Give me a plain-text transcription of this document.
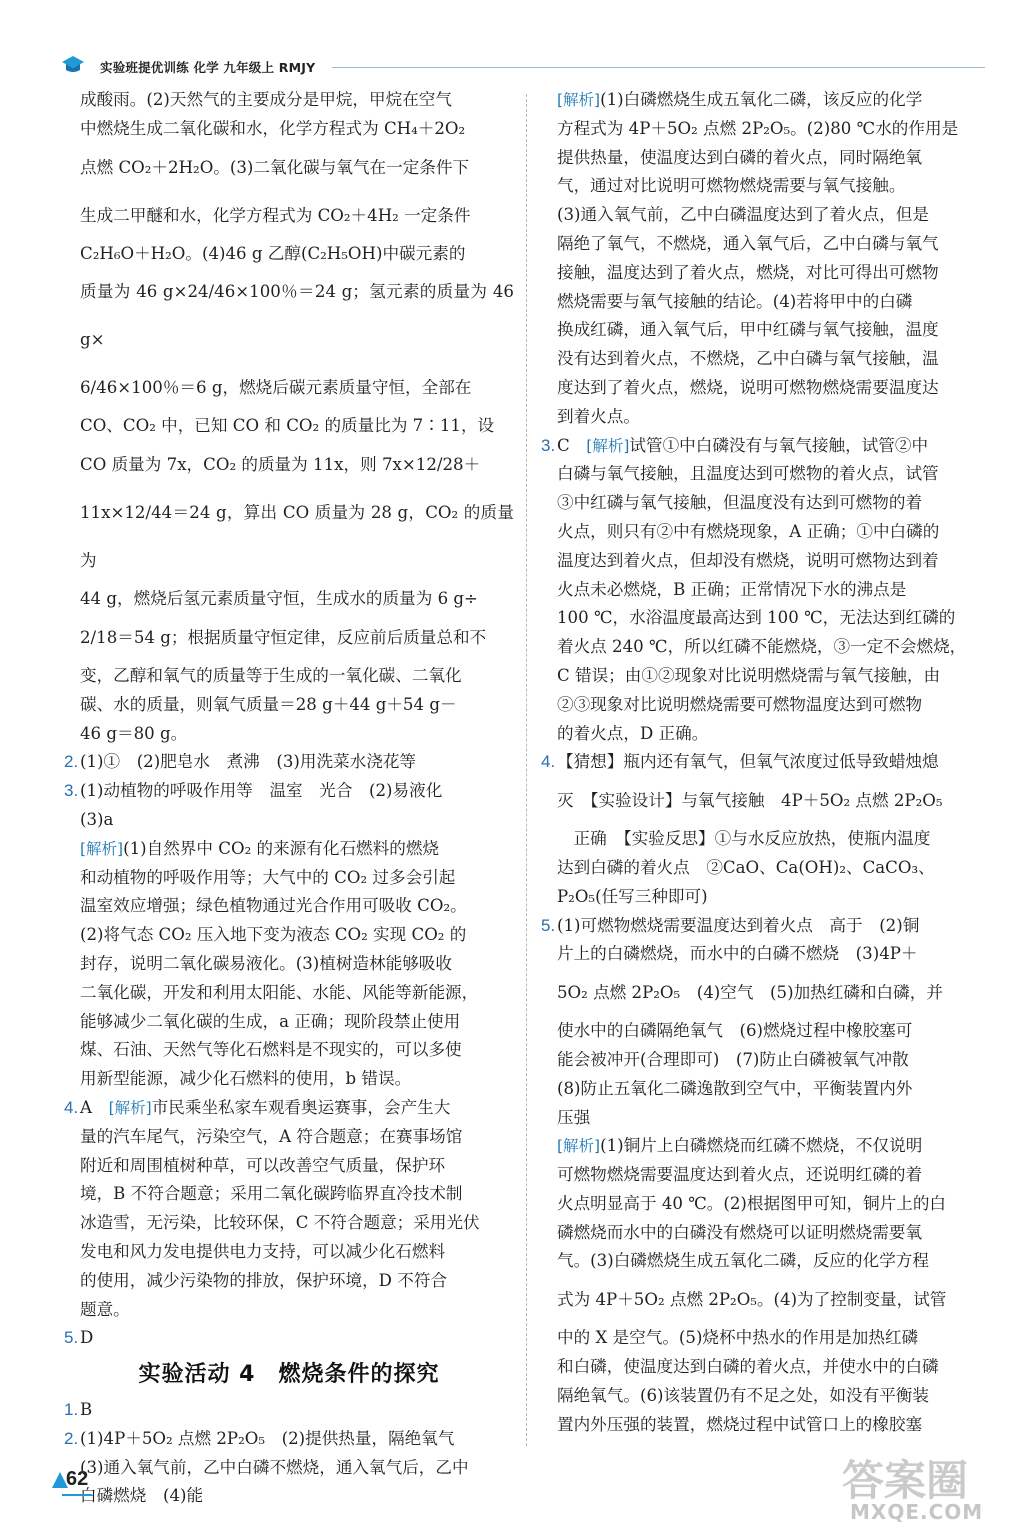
实验班提优训练 化学 九年级上 RMJY
成酸雨。(2)天然气的主要成分是甲烷，甲烷在空气
中燃烧生成二氧化碳和水，化学方程式为 CH₄＋2O₂
点燃 CO₂＋2H₂O。(3)二氧化碳与氧气在一定条件下
生成二甲醚和水，化学方程式为 CO₂＋4H₂ 一定条件
C₂H₆O＋H₂O。(4)46 g 乙醇(C₂H₅OH)中碳元素的
质量为 46 g×24/46×100％＝24 g；氢元素的质量为 46 g×
6/46×100％＝6 g，燃烧后碳元素质量守恒，全部在
CO、CO₂ 中，已知 CO 和 CO₂ 的质量比为 7∶11，设
CO 质量为 7x，CO₂ 的质量为 11x，则 7x×12/28＋
11x×12/44＝24 g，算出 CO 质量为 28 g，CO₂ 的质量为
44 g，燃烧后氢元素质量守恒，生成水的质量为 6 g÷
2/18＝54 g；根据质量守恒定律，反应前后质量总和不
变，乙醇和氧气的质量等于生成的一氧化碳、二氧化
碳、水的质量，则氧气质量＝28 g＋44 g＋54 g－
46 g＝80 g。
2. (1)①　(2)肥皂水　煮沸　(3)用洗菜水浇花等
3. (1)动植物的呼吸作用等　温室　光合　(2)易液化
(3)a
[解析](1)自然界中 CO₂ 的来源有化石燃料的燃烧
和动植物的呼吸作用等；大气中的 CO₂ 过多会引起
温室效应增强；绿色植物通过光合作用可吸收 CO₂。
(2)将气态 CO₂ 压入地下变为液态 CO₂ 实现 CO₂ 的
封存，说明二氧化碳易液化。(3)植树造林能够吸收
二氧化碳，开发和利用太阳能、水能、风能等新能源，
能够减少二氧化碳的生成，a 正确；现阶段禁止使用
煤、石油、天然气等化石燃料是不现实的，可以多使
用新型能源，减少化石燃料的使用，b 错误。
4. A　 [解析]市民乘坐私家车观看奥运赛事，会产生大
量的汽车尾气，污染空气，A 符合题意；在赛事场馆
附近和周围植树种草，可以改善空气质量，保护环
境，B 不符合题意；采用二氧化碳跨临界直冷技术制
冰造雪，无污染，比较环保，C 不符合题意；采用光伏
发电和风力发电提供电力支持，可以减少化石燃料
的使用，减少污染物的排放，保护环境，D 不符合
题意。
5. D
实验活动 4　燃烧条件的探究
1. B
2. (1)4P＋5O₂ 点燃 2P₂O₅　(2)提供热量，隔绝氧气
(3)通入氧气前，乙中白磷不燃烧，通入氧气后，乙中
白磷燃烧　(4)能
[解析](1)白磷燃烧生成五氧化二磷，该反应的化学
方程式为 4P＋5O₂ 点燃 2P₂O₅。(2)80 ℃水的作用是
提供热量，使温度达到白磷的着火点，同时隔绝氧
气，通过对比说明可燃物燃烧需要与氧气接触。
(3)通入氧气前，乙中白磷温度达到了着火点，但是
隔绝了氧气，不燃烧，通入氧气后，乙中白磷与氧气
接触，温度达到了着火点，燃烧，对比可得出可燃物
燃烧需要与氧气接触的结论。(4)若将甲中的白磷
换成红磷，通入氧气后，甲中红磷与氧气接触，温度
没有达到着火点，不燃烧，乙中白磷与氧气接触，温
度达到了着火点，燃烧，说明可燃物燃烧需要温度达
到着火点。
3. C　 [解析]试管①中白磷没有与氧气接触，试管②中
白磷与氧气接触，且温度达到可燃物的着火点，试管
③中红磷与氧气接触，但温度没有达到可燃物的着
火点，则只有②中有燃烧现象，A 正确；①中白磷的
温度达到着火点，但却没有燃烧，说明可燃物达到着
火点未必燃烧，B 正确；正常情况下水的沸点是
100 ℃，水浴温度最高达到 100 ℃，无法达到红磷的
着火点 240 ℃，所以红磷不能燃烧，③一定不会燃烧，
C 错误；由①②现象对比说明燃烧需与氧气接触，由
②③现象对比说明燃烧需要可燃物温度达到可燃物
的着火点，D 正确。
4. 【猜想】瓶内还有氧气，但氧气浓度过低导致蜡烛熄
灭　【实验设计】与氧气接触　4P＋5O₂ 点燃 2P₂O₅
　正确　【实验反思】①与水反应放热，使瓶内温度
达到白磷的着火点　②CaO、Ca(OH)₂、CaCO₃、
P₂O₅(任写三种即可)
5. (1)可燃物燃烧需要温度达到着火点　高于　(2)铜
片上的白磷燃烧，而水中的白磷不燃烧　(3)4P＋
5O₂ 点燃 2P₂O₅　(4)空气　(5)加热红磷和白磷，并
使水中的白磷隔绝氧气　(6)燃烧过程中橡胶塞可
能会被冲开(合理即可)　(7)防止白磷被氧气冲散
(8)防止五氧化二磷逸散到空气中，平衡装置内外
压强
[解析](1)铜片上白磷燃烧而红磷不燃烧，不仅说明
可燃物燃烧需要温度达到着火点，还说明红磷的着
火点明显高于 40 ℃。(2)根据图甲可知，铜片上的白
磷燃烧而水中的白磷没有燃烧可以证明燃烧需要氧
气。(3)白磷燃烧生成五氧化二磷，反应的化学方程
式为 4P＋5O₂ 点燃 2P₂O₅。(4)为了控制变量，试管
中的 X 是空气。(5)烧杯中热水的作用是加热红磷
和白磷，使温度达到白磷的着火点，并使水中的白磷
隔绝氧气。(6)该装置仍有不足之处，如没有平衡装
置内外压强的装置，燃烧过程中试管口上的橡胶塞
62	答案圈
MXQE.COM
